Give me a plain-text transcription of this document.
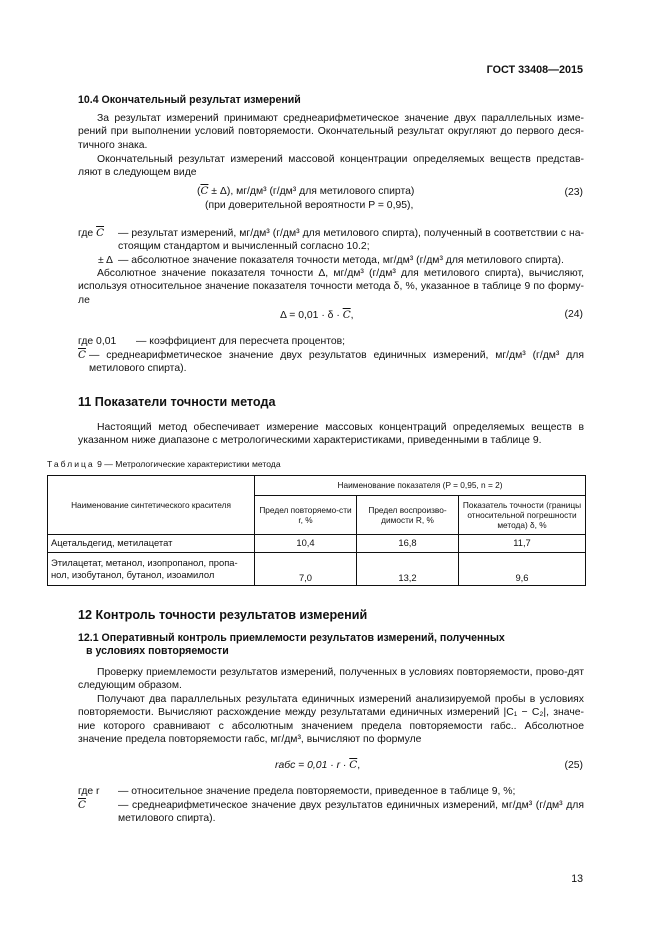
ГОСТ 33408—2015

10.4 Окончательный результат измерений

За результат измерений принимают среднеарифметическое значение двух параллельных изме-рений при выполнении условий повторяемости. Окончательный результат округляют до первого деся-тичного знака.

Окончательный результат измерений массовой концентрации определяемых веществ представ-ляют в следующем виде

$(\overline{C} \pm \Delta)$, мг/дм³ (г/дм³ для метилового спирта)
(при доверительной вероятности P = 0,95),
(23)
где $\overline{C}$ — результат измерений, мг/дм³ (г/дм³ для метилового спирта), полученный в соответствии с на-стоящим стандартом и вычисленный согласно 10.2;
± Δ — абсолютное значение показателя точности метода, мг/дм³ (г/дм³ для метилового спирта).

Абсолютное значение показателя точности Δ, мг/дм³ (г/дм³ для метилового спирта), вычисляют, используя относительное значение показателя точности метода δ, %, указанное в таблице 9 по форму-ле

$\Delta = 0,01 \cdot \delta \cdot \overline{C}$,	(24)
где 0,01 — коэффициент для пересчета процентов;
$\overline{C}$ — среднеарифметическое значение двух результатов единичных измерений, мг/дм³ (г/дм³ для метилового спирта).

11 Показатели точности метода

Настоящий метод обеспечивает измерение массовых концентраций определяемых веществ в указанном ниже диапазоне с метрологическими характеристиками, приведенными в таблице 9.

Таблица 9 — Метрологические характеристики метода
Наименование синтетического красителя	Наименование показателя (P = 0,95, n = 2)		
	Предел повторяемо-сти r, %	Предел воспроизво-димости R, %	Показатель точности (границы относительной погрешности метода) δ, %
Ацетальдегид, метилацетат	10,4	16,8	11,7
Этилацетат, метанол, изопропанол, пропа-нол, изобутанол, бутанол, изоамилол	7,0	13,2	9,6

12 Контроль точности результатов измерений

12.1 Оперативный контроль приемлемости результатов измерений, полученных

в условиях повторяемости

Проверку приемлемости результатов измерений, полученных в условиях повторяемости, прово-дят следующим образом.

Получают два параллельных результата единичных измерений анализируемой пробы в условиях повторяемости. Вычисляют расхождение между результатами единичных измерений |C₁ − C₂|, значе-ние которого сравнивают с абсолютным значением предела повторяемости rабс.. Абсолютное значение предела повторяемости rабс, мг/дм³, вычисляют по формуле

rабс = $0,01 \cdot r \cdot \overline{C}$,	(25)
где r — относительное значение предела повторяемости, приведенное в таблице 9, %;
$\overline{C}$	— среднеарифметическое значение двух результатов единичных измерений, мг/дм³ (г/дм³ для метилового спирта).
13
